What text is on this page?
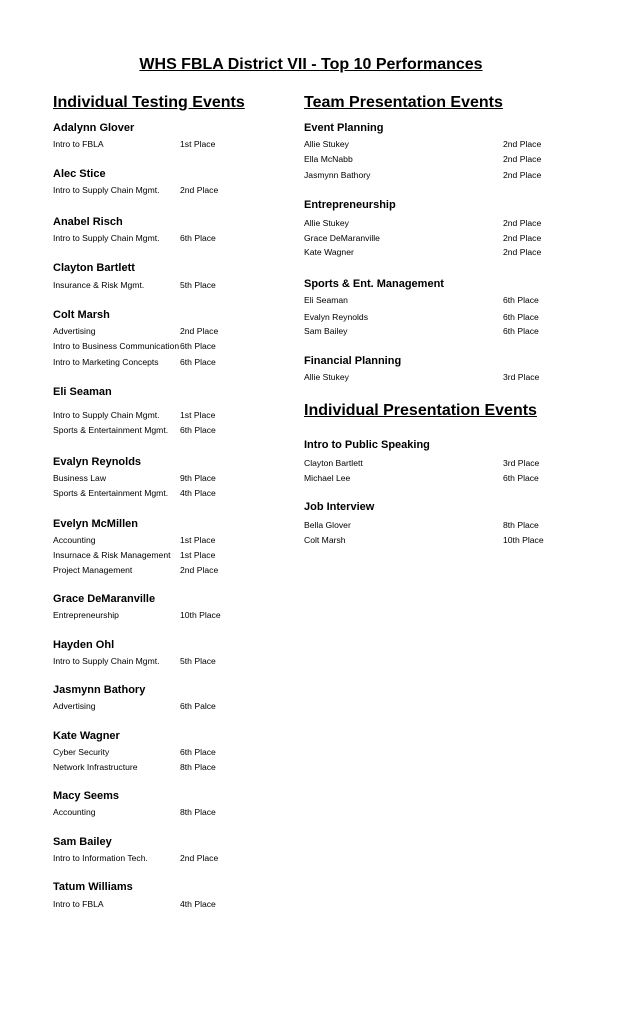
WHS FBLA District VII - Top 10 Performances
Individual Testing Events
Adalynn Glover
Intro to FBLA	1st Place
Alec Stice
Intro to Supply Chain Mgmt.	2nd Place
Anabel Risch
Intro to Supply Chain Mgmt.	6th Place
Clayton Bartlett
Insurance & Risk Mgmt.	5th Place
Colt Marsh
Advertising	2nd Place
Intro to Business Communication 6th Place
Intro to Marketing Concepts	6th Place
Eli Seaman
Intro to Supply Chain Mgmt.	1st Place
Sports & Entertainment Mgmt.	6th Place
Evalyn Reynolds
Business Law	9th Place
Sports & Entertainment Mgmt.	4th Place
Evelyn McMillen
Accounting	1st Place
Insurnace & Risk Management	1st Place
Project Management	2nd Place
Grace DeMaranville
Entrepreneurship	10th Place
Hayden Ohl
Intro to Supply Chain Mgmt.	5th Place
Jasmynn Bathory
Advertising	6th Palce
Kate Wagner
Cyber Security	6th Place
Network Infrastructure	8th Place
Macy Seems
Accounting	8th Place
Sam Bailey
Intro to Information Tech.	2nd Place
Tatum Williams
Intro to FBLA	4th Place
Team Presentation Events
Event Planning
Allie Stukey	2nd Place
Ella McNabb	2nd Place
Jasmynn Bathory	2nd Place
Entrepreneurship
Allie Stukey	2nd Place
Grace DeMaranville	2nd Place
Kate Wagner	2nd Place
Sports & Ent. Management
Eli Seaman	6th Place
Evalyn Reynolds	6th Place
Sam Bailey	6th Place
Financial Planning
Allie Stukey	3rd Place
Individual Presentation Events
Intro to Public Speaking
Clayton Bartlett	3rd Place
Michael Lee	6th Place
Job Interview
Bella Glover	8th Place
Colt Marsh	10th Place
